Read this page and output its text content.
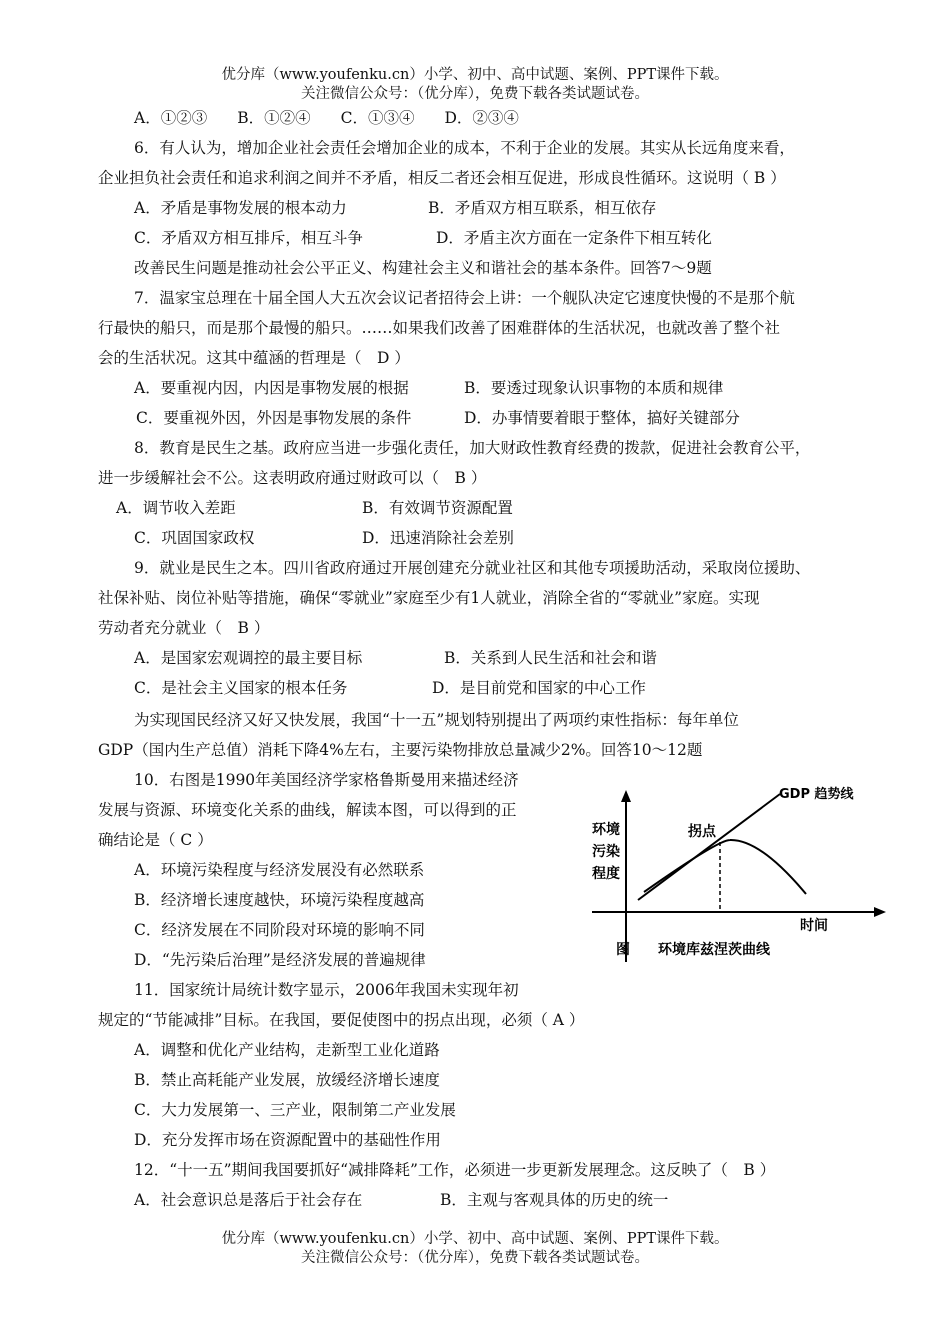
优分库（www.youfenku.cn）小学、初中、高中试题、案例、PPT课件下载。
关注微信公众号：（优分库），免费下载各类试题试卷。
A．①②③ B．①②④ C．①③④ D．②③④
6．有人认为，增加企业社会责任会增加企业的成本，不利于企业的发展。其实从长远角度来看，
企业担负社会责任和追求利润之间并不矛盾，相反二者还会相互促进，形成良性循环。这说明（ B ）
A．矛盾是事物发展的根本动力	B．矛盾双方相互联系，相互依存
C．矛盾双方相互排斥，相互斗争	D．矛盾主次方面在一定条件下相互转化
改善民生问题是推动社会公平正义、构建社会主义和谐社会的基本条件。回答7～9题
7．温家宝总理在十届全国人大五次会议记者招待会上讲：一个舰队决定它速度快慢的不是那个航
行最快的船只，而是那个最慢的船只。……如果我们改善了困难群体的生活状况，也就改善了整个社
会的生活状况。这其中蕴涵的哲理是（　D ）
A．要重视内因，内因是事物发展的根据	B．要透过现象认识事物的本质和规律
C．要重视外因，外因是事物发展的条件	D．办事情要着眼于整体，搞好关键部分
8．教育是民生之基。政府应当进一步强化责任，加大财政性教育经费的拨款，促进社会教育公平，
进一步缓解社会不公。这表明政府通过财政可以（　B ）
A．调节收入差距	B．有效调节资源配置
C．巩固国家政权	D．迅速消除社会差别
9．就业是民生之本。四川省政府通过开展创建充分就业社区和其他专项援助活动，采取岗位援助、
社保补贴、岗位补贴等措施，确保“零就业”家庭至少有1人就业，消除全省的“零就业”家庭。实现
劳动者充分就业（　B ）
A．是国家宏观调控的最主要目标	B．关系到人民生活和社会和谐
C．是社会主义国家的根本任务	D．是目前党和国家的中心工作
为实现国民经济又好又快发展，我国“十一五”规划特别提出了两项约束性指标：每年单位
GDP（国内生产总值）消耗下降4%左右，主要污染物排放总量减少2%。回答10～12题
10．右图是1990年美国经济学家格鲁斯曼用来描述经济
发展与资源、环境变化关系的曲线，解读本图，可以得到的正
确结论是（ C ）
A．环境污染程度与经济发展没有必然联系
B．经济增长速度越快，环境污染程度越高
C．经济发展在不同阶段对环境的影响不同
D．“先污染后治理”是经济发展的普遍规律
GDP 趋势线
拐点
环境
污染
程度
时间
图　　环境库兹涅茨曲线
11．国家统计局统计数字显示，2006年我国未实现年初
规定的“节能减排”目标。在我国，要促使图中的拐点出现，必须（ A ）
A．调整和优化产业结构，走新型工业化道路
B．禁止高耗能产业发展，放缓经济增长速度
C．大力发展第一、三产业，限制第二产业发展
D．充分发挥市场在资源配置中的基础性作用
12．“十一五”期间我国要抓好“减排降耗”工作，必须进一步更新发展理念。这反映了（　B ）
A．社会意识总是落后于社会存在	B．主观与客观具体的历史的统一
优分库（www.youfenku.cn）小学、初中、高中试题、案例、PPT课件下载。
关注微信公众号：（优分库），免费下载各类试题试卷。
